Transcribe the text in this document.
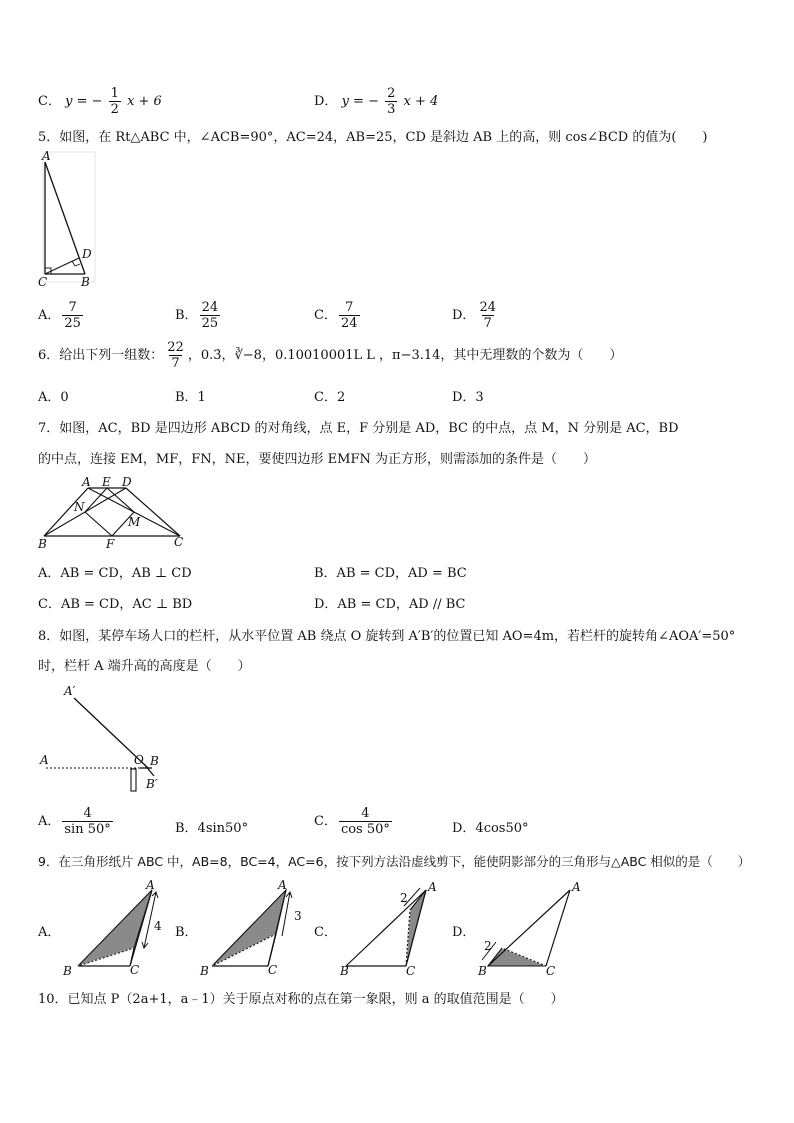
C． y = − $\frac{1}{2}$ x + 6	D． y = − $\frac{2}{3}$ x + 4
5．如图，在 Rt△ABC 中，∠ACB=90°，AC=24，AB=25，CD 是斜边 AB 上的高，则 cos∠BCD 的值为(　　)
A
D
C	B
A． $\frac{7}{25}$	B． $\frac{24}{25}$	C． $\frac{7}{24}$	D． $\frac{24}{7}$
6．给出下列一组数： $\frac{22}{7}$ ，0.3̇，∛−8，0.10010001L L ，π−3.14，其中无理数的个数为（　　）
A．0	B．1	C．2	D．3
7．如图，AC，BD 是四边形 ABCD 的对角线，点 E，F 分别是 AD，BC 的中点，点 M，N 分别是 AC，BD
的中点，连接 EM，MF，FN，NE，要使四边形 EMFN 为正方形，则需添加的条件是（　　）
A E D
N
M
B	F	C
A．AB = CD，AB ⊥ CD	B．AB = CD，AD = BC
C．AB = CD，AC ⊥ BD	D．AB = CD，AD // BC
8．如图，某停车场人口的栏杆，从水平位置 AB 绕点 O 旋转到 A′B′的位置已知 AO=4m，若栏杆的旋转角∠AOA′=50°
时，栏杆 A 端升高的高度是（　　）
A′
A	O B
B′
A． $\frac{4}{\sin 50^\circ}$	B．4sin50°	C． $\frac{4}{\cos 50^\circ}$	D．4cos50°
9．在三角形纸片 ABC 中，AB=8，BC=4，AC=6，按下列方法沿虚线剪下，能使阴影部分的三角形与△ABC 相似的是（　　）
A．
B
A
C
4 B．
B
A
C
3
C．
2
B
A
C
D．
2
B
A
C
10．已知点 P（2a+1，a﹣1）关于原点对称的点在第一象限，则 a 的取值范围是（　　）
